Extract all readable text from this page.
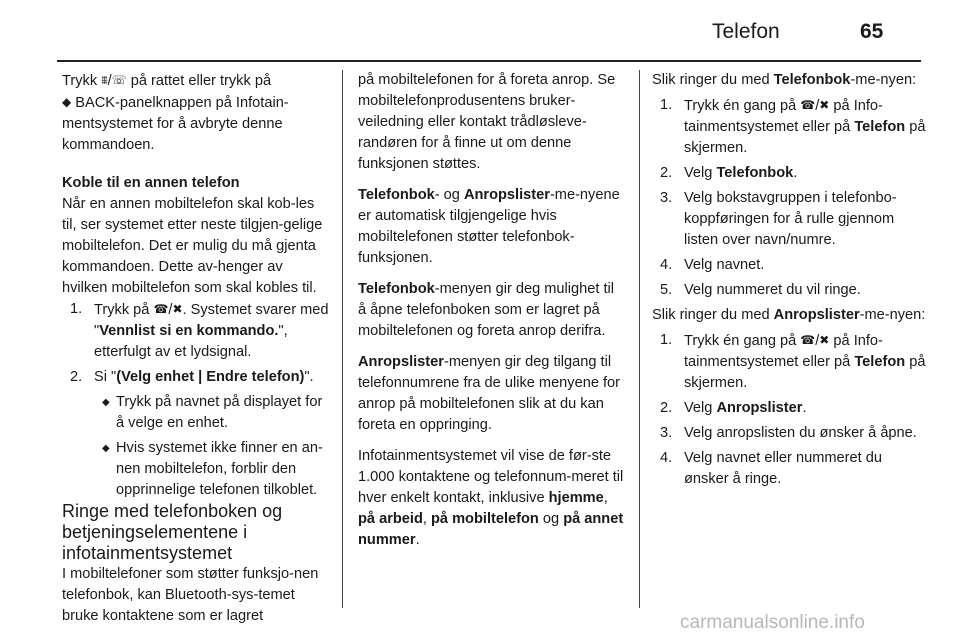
Telefon	65

Trykk ⩩/☏ på rattet eller trykk på
◆ BACK-panelknappen på Infotain-mentsystemet for å avbryte denne kommandoen.

Koble til en annen telefon

Når en annen mobiltelefon skal kob-les til, ser systemet etter neste tilgjen-gelige mobiltelefon. Det er mulig du må gjenta kommandoen. Dette av-henger av hvilken mobiltelefon som skal kobles til.

1. Trykk på ☎/✖. Systemet svarer med "Vennlist si en kommando.", etterfulgt av et lydsignal.
2. Si "(Velg enhet | Endre telefon)".
◆ Trykk på navnet på displayet for å velge en enhet.
◆ Hvis systemet ikke finner en an-nen mobiltelefon, forblir den opprinnelige telefonen tilkoblet.
Ringe med telefonboken og betjeningselementene i infotainmentsystemet

I mobiltelefoner som støtter funksjo-nen telefonbok, kan Bluetooth-sys-temet bruke kontaktene som er lagret

på mobiltelefonen for å foreta anrop. Se mobiltelefonprodusentens bruker-veiledning eller kontakt trådløsleve-randøren for å finne ut om denne funksjonen støttes.

Telefonbok- og Anropslister-me-nyene er automatisk tilgjengelige hvis mobiltelefonen støtter telefonbok-funksjonen.

Telefonbok-menyen gir deg mulighet til å åpne telefonboken som er lagret på mobiltelefonen og foreta anrop derifra.

Anropslister-menyen gir deg tilgang til telefonnumrene fra de ulike menyene for anrop på mobiltelefonen slik at du kan foreta en oppringing.

Infotainmentsystemet vil vise de før-ste 1.000 kontaktene og telefonnum-meret til hver enkelt kontakt, inklusive hjemme, på arbeid, på mobiltelefon og på annet nummer.

Slik ringer du med Telefonbok-me-nyen:

1. Trykk én gang på ☎/✖ på Info-tainmentsystemet eller på Telefon på skjermen.
2. Velg Telefonbok.
3. Velg bokstavgruppen i telefonbo-koppføringen for å rulle gjennom listen over navn/numre.
4. Velg navnet.
5. Velg nummeret du vil ringe.

Slik ringer du med Anropslister-me-nyen:

1. Trykk én gang på ☎/✖ på Info-tainmentsystemet eller på Telefon på skjermen.
2. Velg Anropslister.
3. Velg anropslisten du ønsker å åpne.
4. Velg navnet eller nummeret du ønsker å ringe.
carmanualsonline.info
